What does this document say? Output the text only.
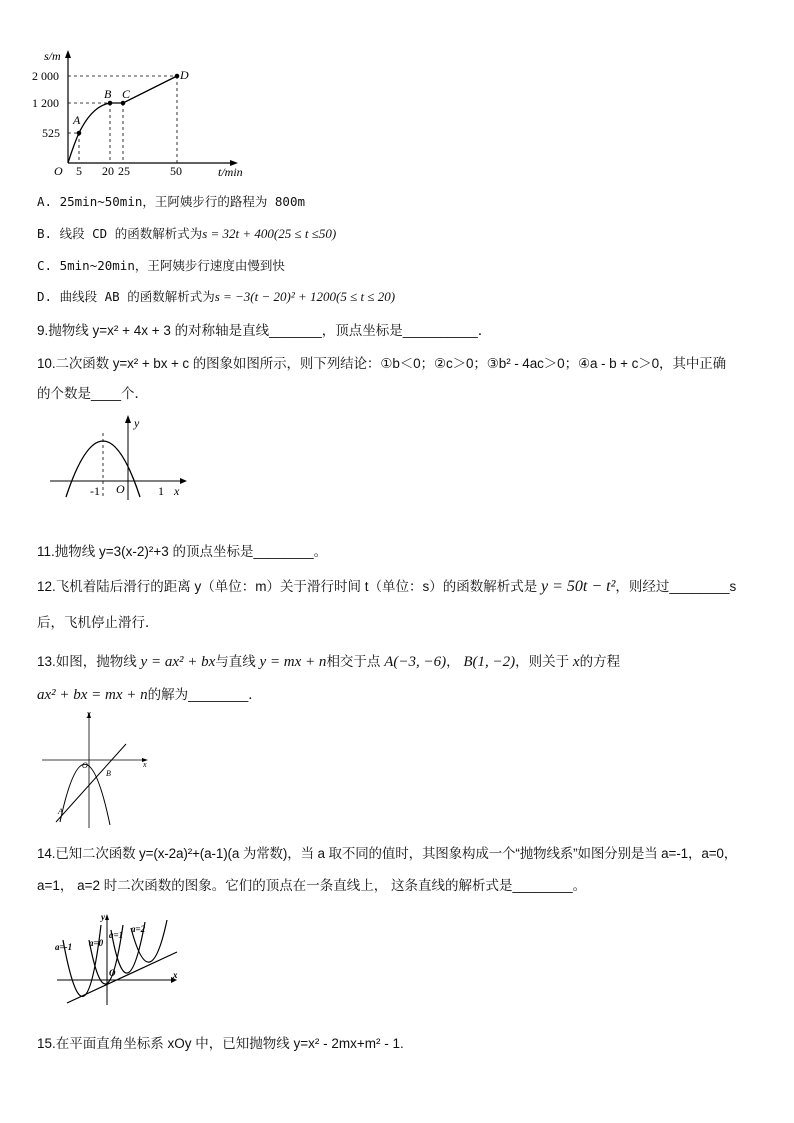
s/m
t/min
O
2 000
1 200
525
5 20 25	50
A
B C
D
A. 25min~50min，王阿姨步行的路程为 800m
B. 线段 CD 的函数解析式为s = 32t + 400(25 ≤ t ≤50)
C. 5min~20min，王阿姨步行速度由慢到快
D. 曲线段 AB 的函数解析式为s = −3(t − 20)² + 1200(5 ≤ t ≤ 20)
9.抛物线 y=x² + 4x + 3 的对称轴是直线_______，顶点坐标是__________．
10.二次函数 y=x² + bx + c 的图象如图所示，则下列结论：①b＜0；②c＞0；③b² - 4ac＞0；④a - b + c＞0，其中正确
的个数是____个．
y
x
O
-1	1
11.抛物线 y=3(x-2)²+3 的顶点坐标是________。
12.飞机着陆后滑行的距离 y（单位：m）关于滑行时间 t（单位：s）的函数解析式是 y = 50t − t²，则经过________s
后，飞机停止滑行．
13.如图，抛物线 y = ax² + bx与直线 y = mx + n相交于点 A(−3, −6)， B(1, −2)，则关于 x的方程
ax² + bx = mx + n的解为________．
y
x
O
A
B
14.已知二次函数 y=(x-2a)²+(a-1)(a 为常数)，当 a 取不同的值时，其图象构成一个“抛物线系”如图分别是当 a=-1，a=0，
a=1， a=2 时二次函数的图象。它们的顶点在一条直线上， 这条直线的解析式是________。
a=-1 a=0
a=1
a=2
y
x
O
15.在平面直角坐标系 xOy 中，已知抛物线 y=x² - 2mx+m² - 1.
